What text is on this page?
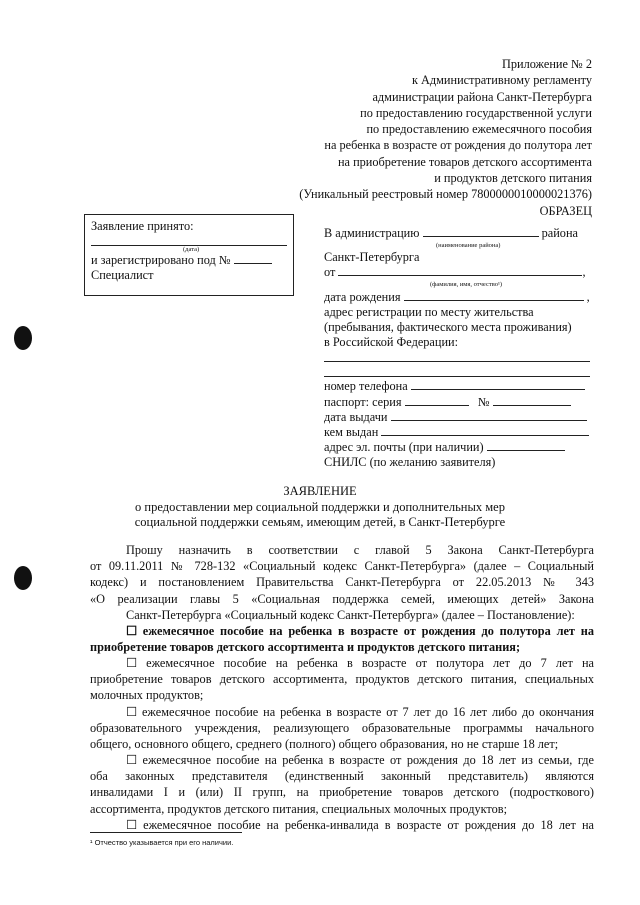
Приложение № 2
к Административному регламенту
администрации района Санкт-Петербурга
по предоставлению государственной услуги
по предоставлению ежемесячного пособия
на ребенка в возрасте от рождения до полутора лет
на приобретение товаров детского ассортимента
и продуктов детского питания
(Уникальный реестровый номер 7800000010000021376)
ОБРАЗЕЦ
Заявление принято:
(дата)
и зарегистрировано под №
Специалист
В администрацию	района
(наименование района)
Санкт-Петербурга
от	,
(фамилия, имя, отчество¹)
дата рождения	,
адрес регистрации по месту жительства
(пребывания, фактического места проживания)
в Российской Федерации:
номер телефона
паспорт: серия	№
дата выдачи
кем выдан
адрес эл. почты (при наличии)
СНИЛС (по желанию заявителя)
ЗАЯВЛЕНИЕ
о предоставлении мер социальной поддержки и дополнительных мер
социальной поддержки семьям, имеющим детей, в Санкт-Петербурге
Прошу назначить в соответствии с главой 5 Закона Санкт-Петербурга
от 09.11.2011 № 728-132 «Социальный кодекс Санкт-Петербурга» (далее – Социальный
кодекс) и постановлением Правительства Санкт-Петербурга от 22.05.2013 № 343
«О реализации главы 5 «Социальная поддержка семей, имеющих детей» Закона
Санкт-Петербурга «Социальный кодекс Санкт-Петербурга» (далее – Постановление):
☐ ежемесячное пособие на ребенка в возрасте от рождения до полутора лет на
приобретение товаров детского ассортимента и продуктов детского питания;
☐ ежемесячное пособие на ребенка в возрасте от полутора лет до 7 лет на
приобретение товаров детского ассортимента, продуктов детского питания, специальных
молочных продуктов;
☐ ежемесячное пособие на ребенка в возрасте от 7 лет до 16 лет либо до окончания
образовательного учреждения, реализующего образовательные программы начального
общего, основного общего, среднего (полного) общего образования, но не старше 18 лет;
☐ ежемесячное пособие на ребенка в возрасте от рождения до 18 лет из семьи, где
оба законных представителя (единственный законный представитель) являются
инвалидами I и (или) II групп, на приобретение товаров детского (подросткового)
ассортимента, продуктов детского питания, специальных молочных продуктов;
☐ ежемесячное пособие на ребенка-инвалида в возрасте от рождения до 18 лет на
¹ Отчество указывается при его наличии.
